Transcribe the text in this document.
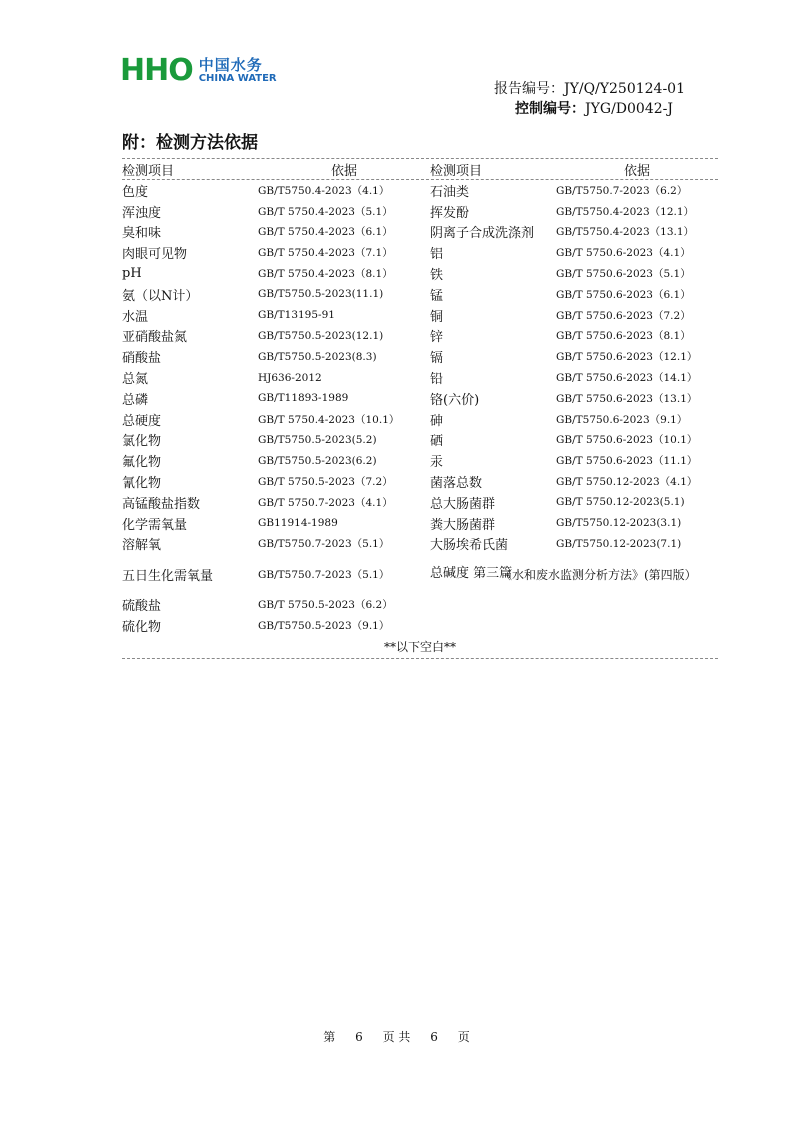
HHO 中国水务
CHINA WATER
报告编号：JY/Q/Y250124-01
控制编号：JYG/D0042-J
附：检测方法依据
检测项目	依据	检测项目	依据
色度	GB/T5750.4-2023（4.1）	石油类	GB/T5750.7-2023（6.2）
浑浊度	GB/T 5750.4-2023（5.1）	挥发酚	GB/T5750.4-2023（12.1）
臭和味	GB/T 5750.4-2023（6.1）	阴离子合成洗涤剂	GB/T5750.4-2023（13.1）
肉眼可见物	GB/T 5750.4-2023（7.1）	铝	GB/T 5750.6-2023（4.1）
pH	GB/T 5750.4-2023（8.1）	铁	GB/T 5750.6-2023（5.1）
氨（以N计）	GB/T5750.5-2023(11.1)	锰	GB/T 5750.6-2023（6.1）
水温	GB/T13195-91	铜	GB/T 5750.6-2023（7.2）
亚硝酸盐氮	GB/T5750.5-2023(12.1)	锌	GB/T 5750.6-2023（8.1）
硝酸盐	GB/T5750.5-2023(8.3)	镉	GB/T 5750.6-2023（12.1）
总氮	HJ636-2012	铅	GB/T 5750.6-2023（14.1）
总磷	GB/T11893-1989	铬(六价)	GB/T 5750.6-2023（13.1）
总硬度	GB/T 5750.4-2023（10.1）	砷	GB/T5750.6-2023（9.1）
氯化物	GB/T5750.5-2023(5.2)	硒	GB/T 5750.6-2023（10.1）
氟化物	GB/T5750.5-2023(6.2)	汞	GB/T 5750.6-2023（11.1）
氰化物	GB/T 5750.5-2023（7.2）	菌落总数	GB/T 5750.12-2023（4.1）
高锰酸盐指数	GB/T 5750.7-2023（4.1）	总大肠菌群	GB/T 5750.12-2023(5.1)
化学需氧量	GB11914-1989	粪大肠菌群	GB/T5750.12-2023(3.1)
溶解氧	GB/T5750.7-2023（5.1）	大肠埃希氏菌	GB/T5750.12-2023(7.1)
五日生化需氧量	GB/T5750.7-2023（5.1）	总碱度 第三篇
《水和废水监测分析方法》(第四版）
硫酸盐	GB/T 5750.5-2023（6.2）
硫化物	GB/T5750.5-2023（9.1）
**以下空白**
第 6 页 共 6 页
